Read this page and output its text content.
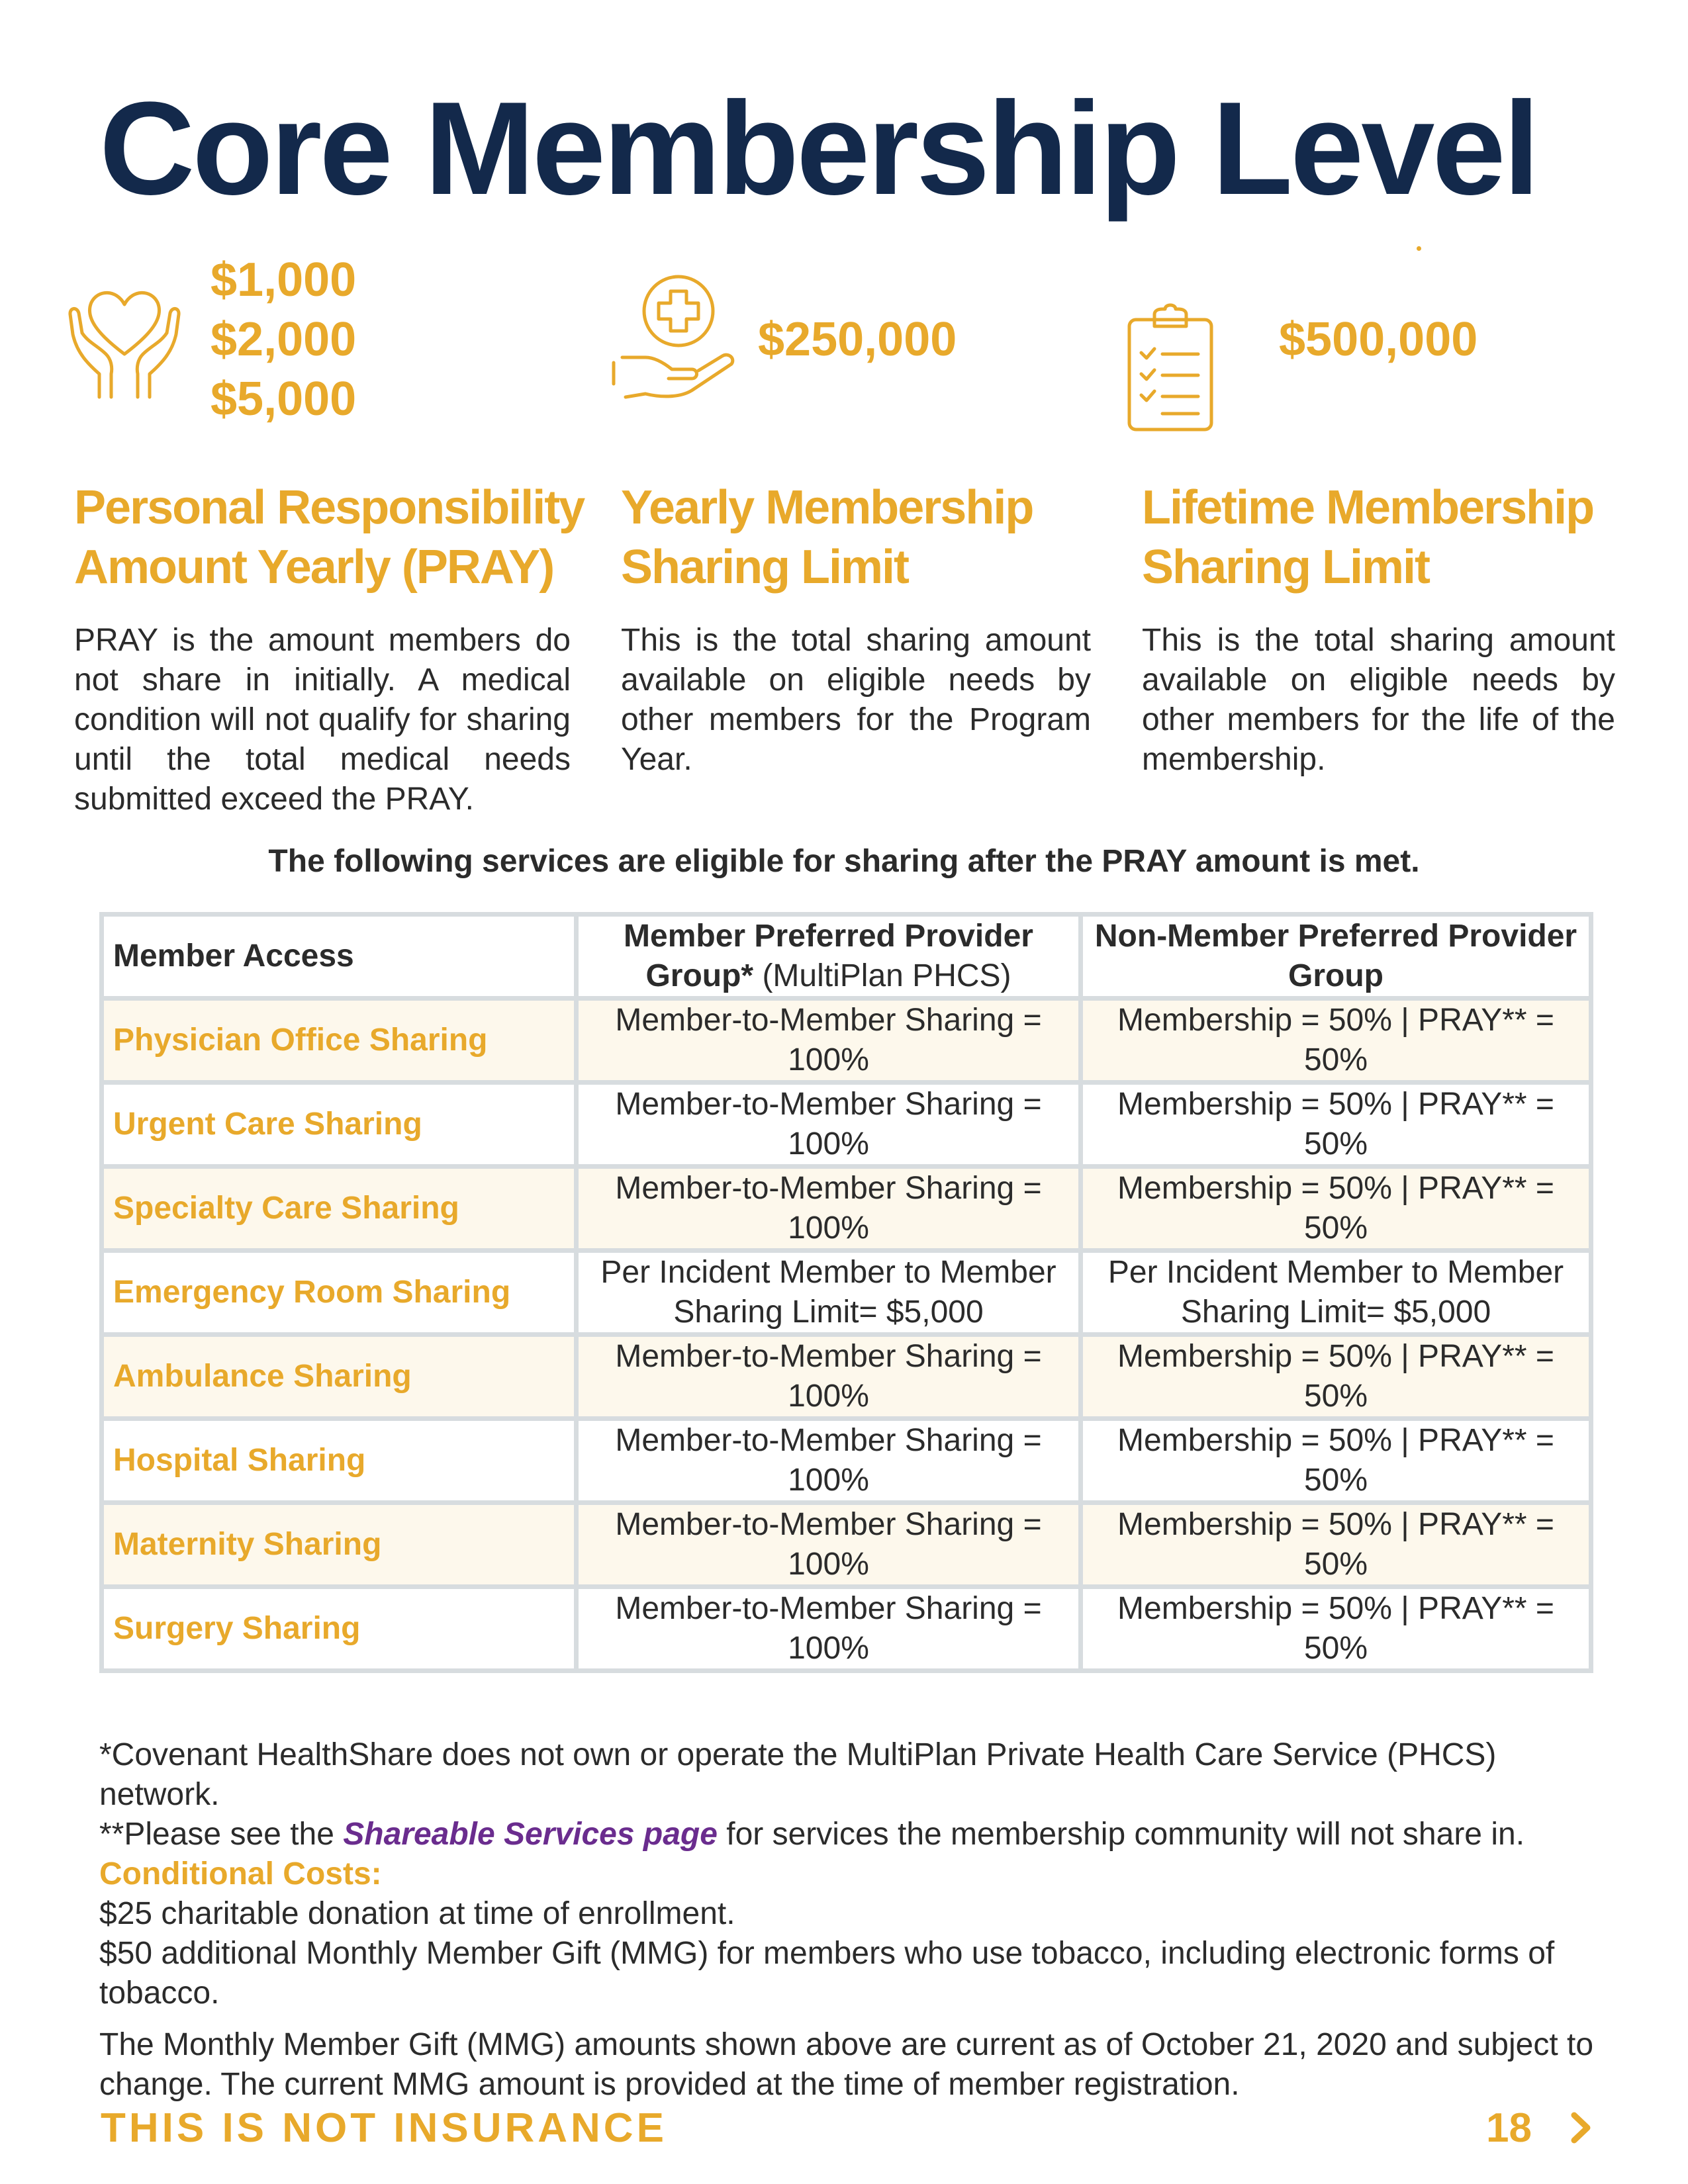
Core Membership Level
$1,000
$2,000
$5,000
Personal Responsibility
Amount Yearly (PRAY)

PRAY is the amount members do not share in initially. A medical condition will not qualify for sharing until the total medical needs submitted exceed the PRAY.

$250,000
Yearly Membership
Sharing Limit

This is the total sharing amount available on eligible needs by other members for the Program Year.

$500,000
Lifetime Membership
Sharing Limit

This is the total sharing amount available on eligible needs by other members for the life of the membership.

The following services are eligible for sharing after the PRAY amount is met.

Member Access	Member Preferred Provider Group* (MultiPlan PHCS)	Non-Member Preferred Provider Group
Physician Office Sharing	Member-to-Member Sharing = 100%	Membership = 50% | PRAY** = 50%
Urgent Care Sharing	Member-to-Member Sharing = 100%	Membership = 50% | PRAY** = 50%
Specialty Care Sharing	Member-to-Member Sharing = 100%	Membership = 50% | PRAY** = 50%
Emergency Room Sharing	Per Incident Member to Member Sharing Limit= $5,000	Per Incident Member to Member Sharing Limit= $5,000
Ambulance Sharing	Member-to-Member Sharing = 100%	Membership = 50% | PRAY** = 50%
Hospital Sharing	Member-to-Member Sharing = 100%	Membership = 50% | PRAY** = 50%
Maternity Sharing	Member-to-Member Sharing = 100%	Membership = 50% | PRAY** = 50%
Surgery Sharing	Member-to-Member Sharing = 100%	Membership = 50% | PRAY** = 50%

*Covenant HealthShare does not own or operate the MultiPlan Private Health Care Service (PHCS) network.

**Please see the Shareable Services page for services the membership community will not share in.

Conditional Costs:

$25 charitable donation at time of enrollment.

$50 additional Monthly Member Gift (MMG) for members who use tobacco, including electronic forms of tobacco.

The Monthly Member Gift (MMG) amounts shown above are current as of October 21, 2020 and subject to change. The current MMG amount is provided at the time of member registration.

THIS IS NOT INSURANCE	18
